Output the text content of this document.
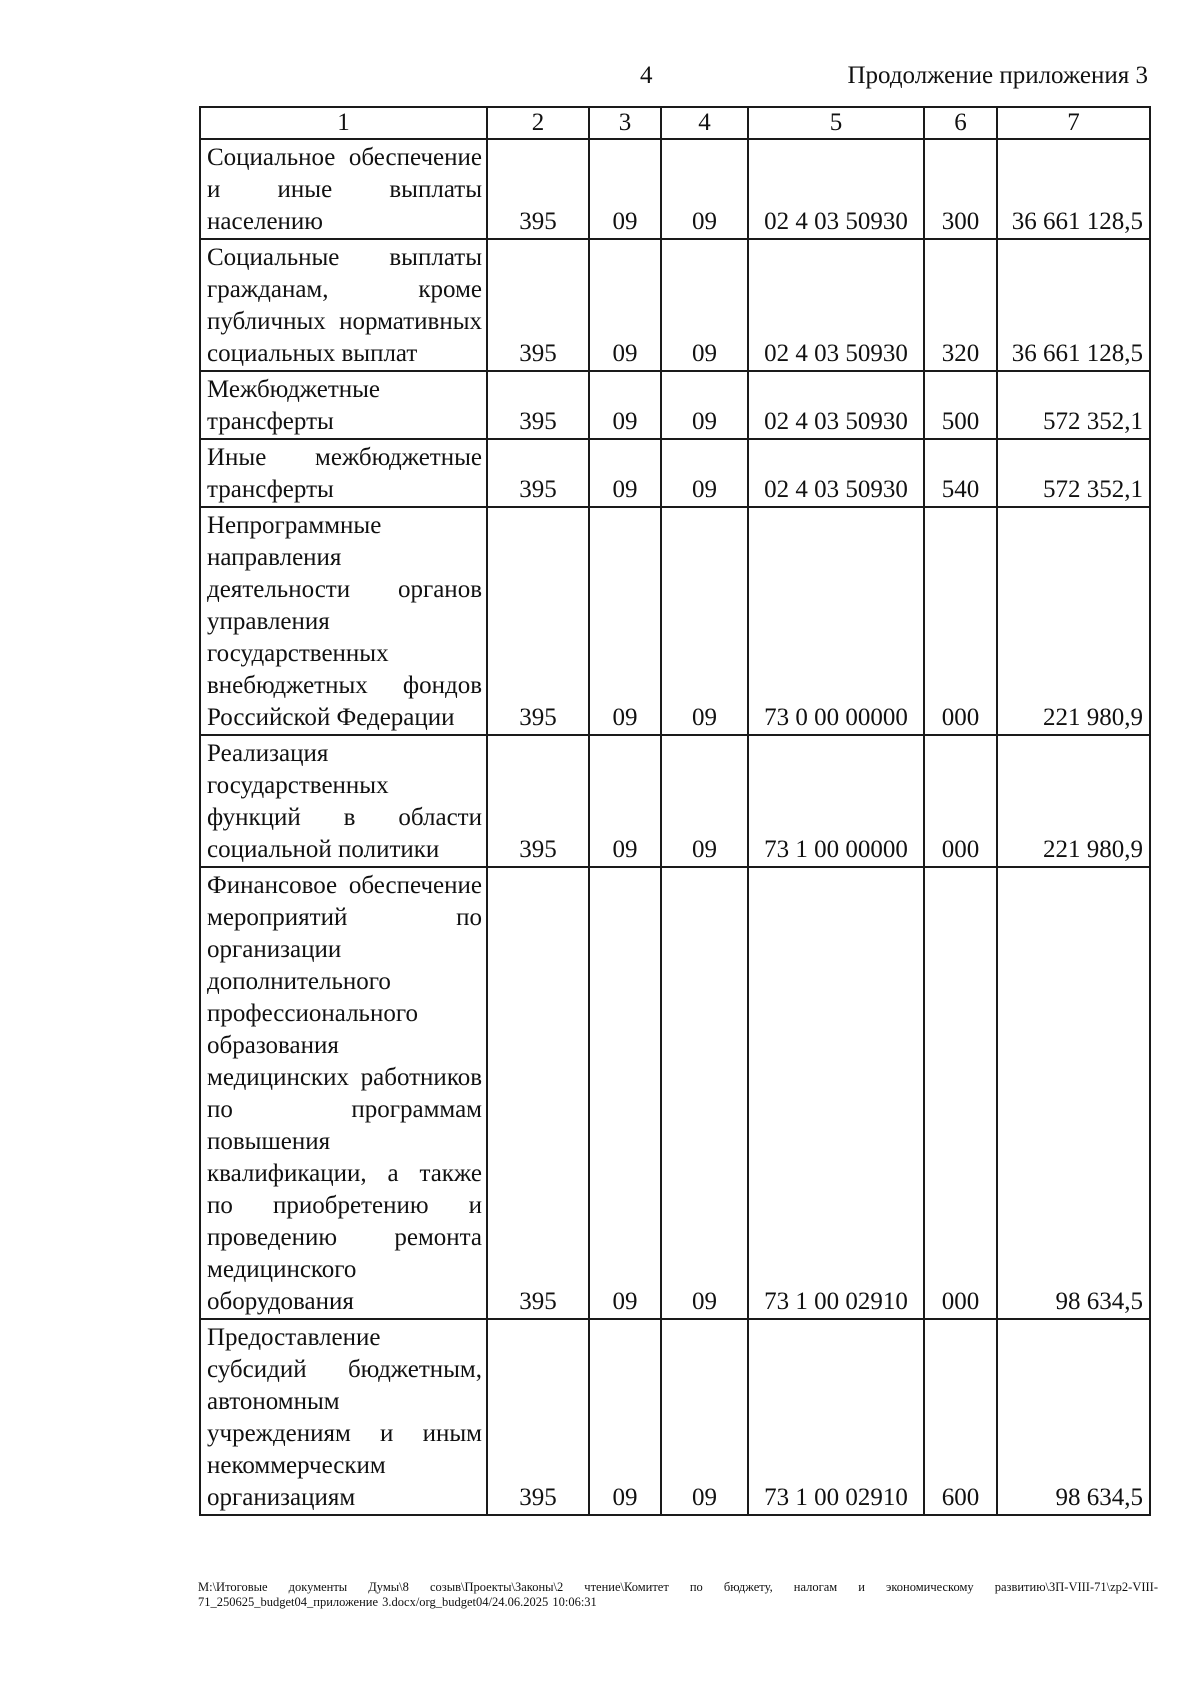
4	Продолжение приложения 3
1	2	3	4	5	6	7
Социальное обеспечение и иные выплаты населению	395	09	09	02 4 03 50930	300	36 661 128,5
Социальные выплаты гражданам, кроме публичных нормативных социальных выплат	395	09	09	02 4 03 50930	320	36 661 128,5
Межбюджетные трансферты	395	09	09	02 4 03 50930	500	572 352,1
Иные межбюджетные трансферты	395	09	09	02 4 03 50930	540	572 352,1
Непрограммные направления деятельности органов управления государственных внебюджетных фондов Российской Федерации	395	09	09	73 0 00 00000	000	221 980,9
Реализация государственных функций в области социальной политики	395	09	09	73 1 00 00000	000	221 980,9
Финансовое обеспечение мероприятий по организации дополнительного профессионального образования медицинских работников по программам повышения квалификации, а также по приобретению и проведению ремонта медицинского оборудования	395	09	09	73 1 00 02910	000	98 634,5
Предоставление субсидий бюджетным, автономным учреждениям и иным некоммерческим организациям	395	09	09	73 1 00 02910	600	98 634,5
M:\Итоговые документы Думы\8 созыв\Проекты\Законы\2 чтение\Комитет по бюджету, налогам и экономическому развитию\ЗП-VIII-71\zp2-VIII-71_250625_budget04_приложение 3.docx/org_budget04/24.06.2025 10:06:31
